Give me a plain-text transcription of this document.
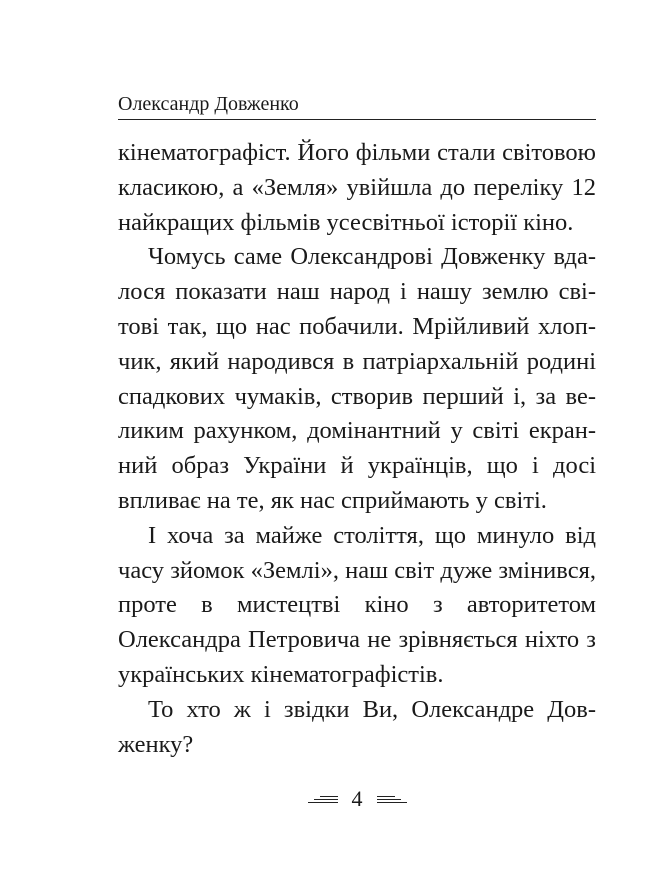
Олександр Довженко

кінематографіст. Його фільми стали світовою класикою, а «Земля» увійшла до переліку 12 найкращих фільмів усесвітньої історії кіно.

Чомусь саме Олександрові Довженку вдалося показати наш народ і нашу землю світові так, що нас побачили. Мрійливий хлопчик, який народився в патріархальній родині спадкових чумаків, створив перший і, за великим рахунком, домінантний у світі екранний образ України й українців, що і досі впливає на те, як нас сприймають у світі.

І хоча за майже століття, що минуло від часу зйомок «Землі», наш світ дуже змінився, проте в мистецтві кіно з авторитетом Олександра Петровича не зрівняється ніхто з українських кінематографістів.

То хто ж і звідки Ви, Олександре Довженку?

4
